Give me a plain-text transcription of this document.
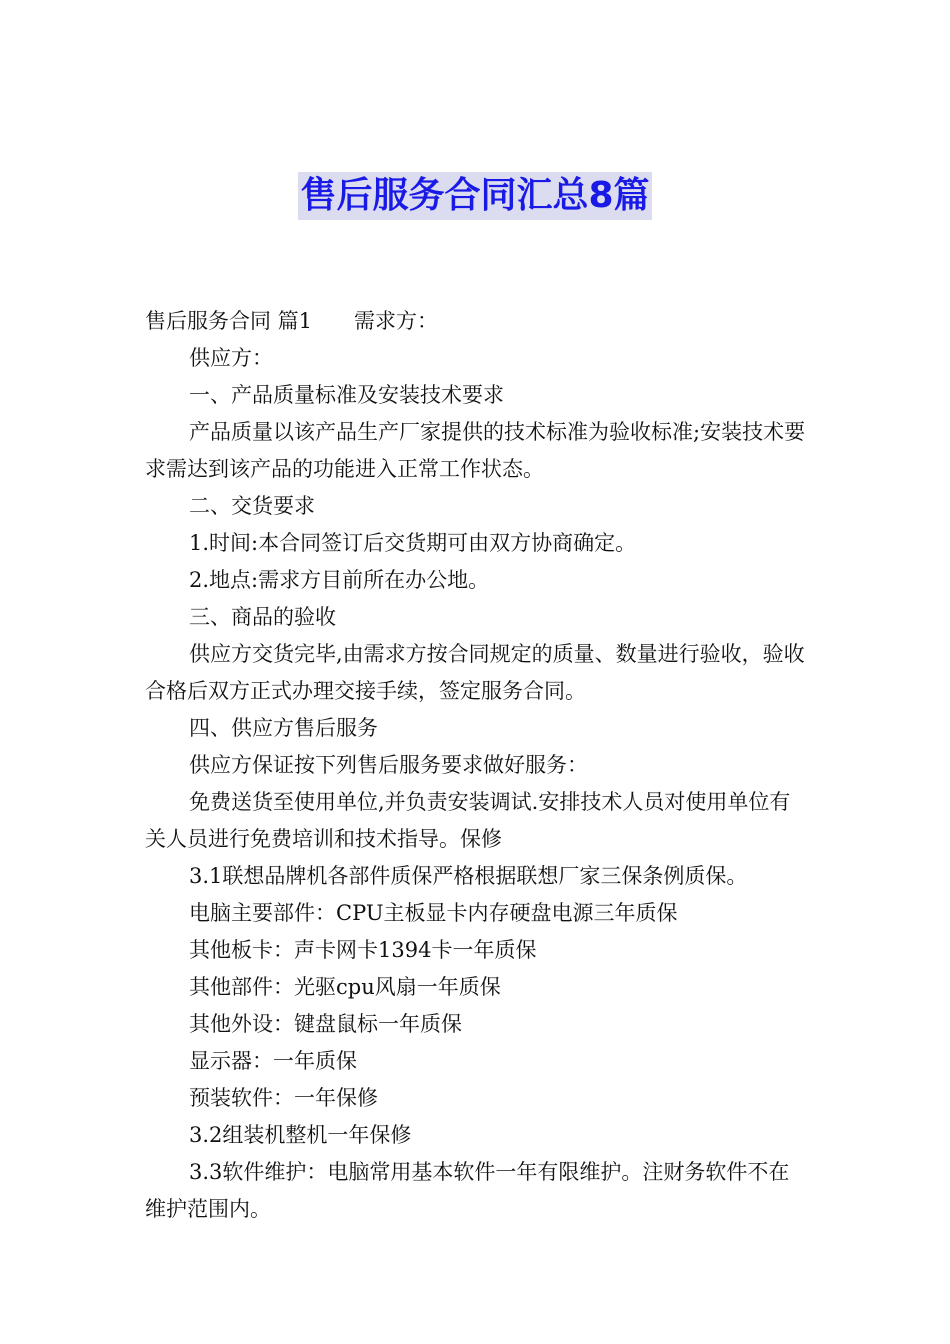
售后服务合同汇总8篇

售后服务合同 篇1 需求方：

供应方：

一、产品质量标准及安装技术要求

产品质量以该产品生产厂家提供的技术标准为验收标准;安装技术要求需达到该产品的功能进入正常工作状态。

二、交货要求

1.时间:本合同签订后交货期可由双方协商确定。

2.地点:需求方目前所在办公地。

三、商品的验收

供应方交货完毕,由需求方按合同规定的质量、数量进行验收，验收合格后双方正式办理交接手续，签定服务合同。

四、供应方售后服务

供应方保证按下列售后服务要求做好服务：

免费送货至使用单位,并负责安装调试.安排技术人员对使用单位有关人员进行免费培训和技术指导。保修

3.1联想品牌机各部件质保严格根据联想厂家三保条例质保。

电脑主要部件：CPU主板显卡内存硬盘电源三年质保

其他板卡：声卡网卡1394卡一年质保

其他部件：光驱cpu风扇一年质保

其他外设：键盘鼠标一年质保

显示器：一年质保

预装软件：一年保修

3.2组装机整机一年保修

3.3软件维护：电脑常用基本软件一年有限维护。注财务软件不在维护范围内。
